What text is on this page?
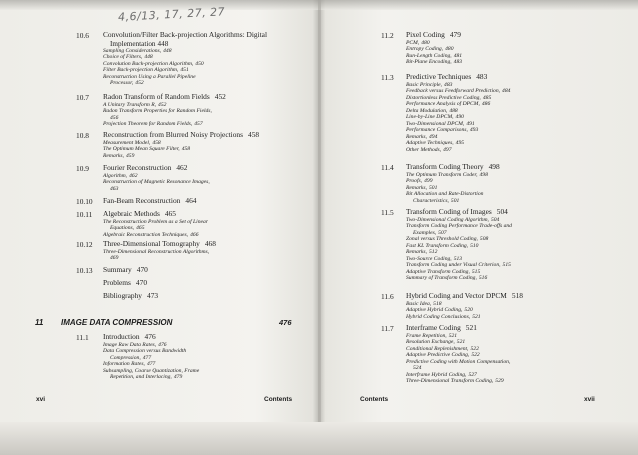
4,6/13, 17, 27, 27
10.6 Convolution/Filter Back-projection Algorithms: Digital
Implementation 448
Sampling Considerations, 448
Choice of Filters, 448
Convolution Back-projection Algorithm, 450
Filter Back-projection Algorithm, 451
Reconstruction Using a Parallel Pipeline
Processor, 452
10.7 Radon Transform of Random Fields 452
A Unitary Transform R, 452
Radon Transform Properties for Random Fields,
456
Projection Theorem for Random Fields, 457
10.8 Reconstruction from Blurred Noisy Projections 458
Measurement Model, 458
The Optimum Mean Square Filter, 458
Remarks, 459
10.9 Fourier Reconstruction 462
Algorithm, 462
Reconstruction of Magnetic Resonance Images,
463
10.10 Fan-Beam Reconstruction 464
10.11 Algebraic Methods 465
The Reconstruction Problem as a Set of Linear
Equations, 465
Algebraic Reconstruction Techniques, 466
10.12 Three-Dimensional Tomography 468
Three-Dimensional Reconstruction Algorithms,
469
10.13 Summary 470
Problems 470
Bibliography 473
11 IMAGE DATA COMPRESSION	476
11.1 Introduction 476
Image Raw Data Rates, 476
Data Compression versus Bandwidth
Compression, 477
Information Rates, 477
Subsampling, Coarse Quantization, Frame
Repetition, and Interlacing, 479
11.2 Pixel Coding 479
PCM, 480
Entropy Coding, 480
Run-Length Coding, 481
Bit-Plane Encoding, 483
11.3 Predictive Techniques 483
Basic Principle, 483
Feedback versus Feedforward Prediction, 484
Distortionless Predictive Coding, 485
Performance Analysis of DPCM, 486
Delta Modulation, 488
Line-by-Line DPCM, 490
Two-Dimensional DPCM, 491
Performance Comparisons, 493
Remarks, 494
Adaptive Techniques, 495
Other Methods, 497
11.4 Transform Coding Theory 498
The Optimum Transform Coder, 498
Proofs, 499
Remarks, 501
Bit Allocation and Rate-Distortion
Characteristics, 501
11.5 Transform Coding of Images 504
Two-Dimensional Coding Algorithm, 504
Transform Coding Performance Trade-offs and
Examples, 507
Zonal versus Threshold Coding, 508
Fast KL Transform Coding, 510
Remarks, 512
Two-Source Coding, 513
Transform Coding under Visual Criterion, 515
Adaptive Transform Coding, 515
Summary of Transform Coding, 516
11.6 Hybrid Coding and Vector DPCM 518
Basic Idea, 518
Adaptive Hybrid Coding, 520
Hybrid Coding Conclusions, 521
11.7 Interframe Coding 521
Frame Repetition, 521
Resolution Exchange, 521
Conditional Replenishment, 522
Adaptive Predictive Coding, 522
Predictive Coding with Motion Compensation,
524
Interframe Hybrid Coding, 527
Three-Dimensional Transform Coding, 529
xvi	Contents	Contents	xvii
